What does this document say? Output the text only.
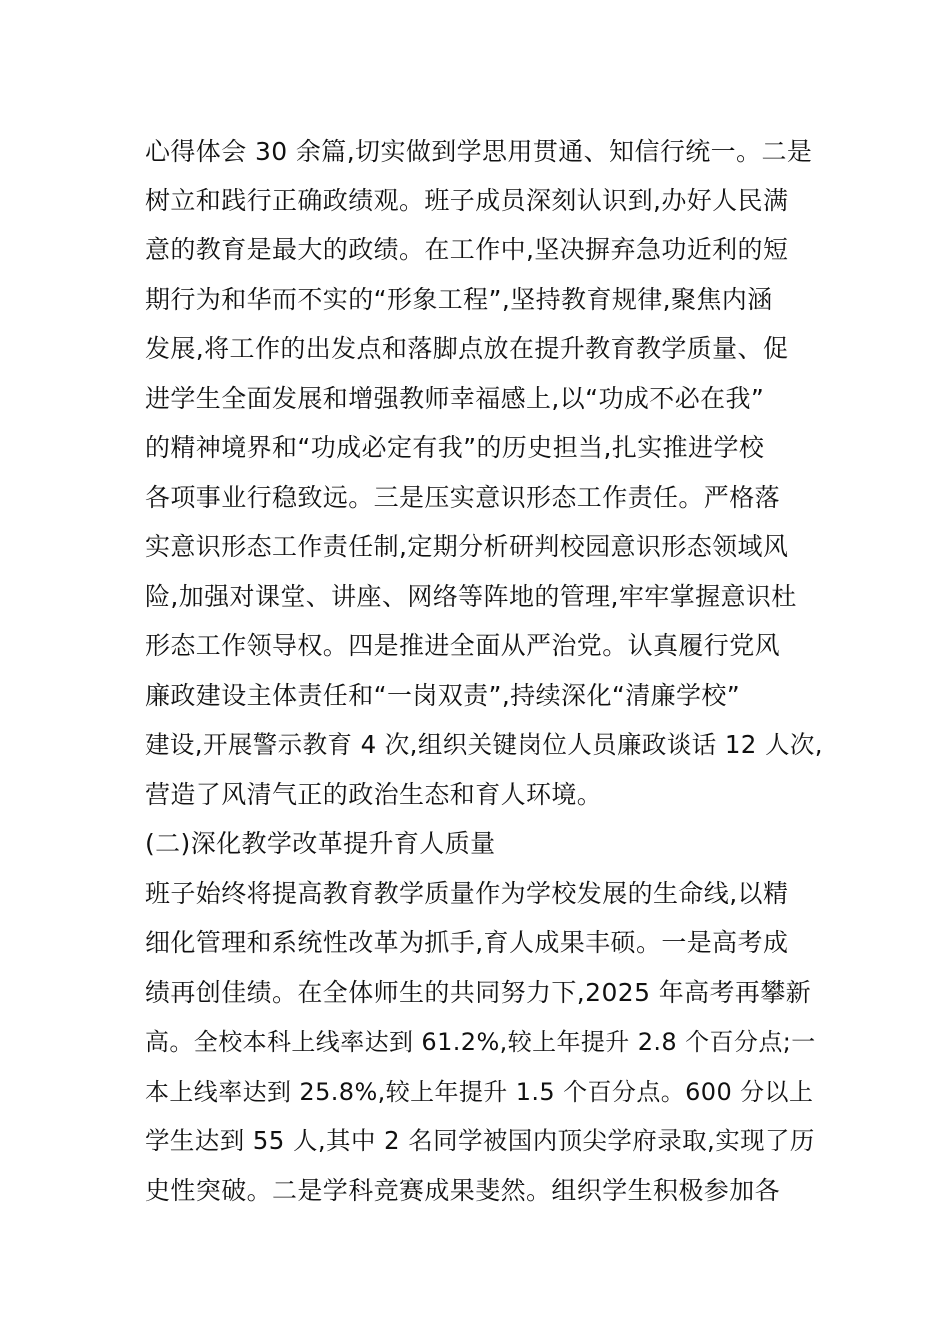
心得体会 30 余篇,切实做到学思用贯通、知信行统一。二是
树立和践行正确政绩观。班子成员深刻认识到,办好人民满
意的教育是最大的政绩。在工作中,坚决摒弃急功近利的短
期行为和华而不实的“形象工程”,坚持教育规律,聚焦内涵
发展,将工作的出发点和落脚点放在提升教育教学质量、促
进学生全面发展和增强教师幸福感上,以“功成不必在我”
的精神境界和“功成必定有我”的历史担当,扎实推进学校
各项事业行稳致远。三是压实意识形态工作责任。严格落
实意识形态工作责任制,定期分析研判校园意识形态领域风
险,加强对课堂、讲座、网络等阵地的管理,牢牢掌握意识杜
形态工作领导权。四是推进全面从严治党。认真履行党风
廉政建设主体责任和“一岗双责”,持续深化“清廉学校”
建设,开展警示教育 4 次,组织关键岗位人员廉政谈话 12 人次,
营造了风清气正的政治生态和育人环境。
(二)深化教学改革提升育人质量
班子始终将提高教育教学质量作为学校发展的生命线,以精
细化管理和系统性改革为抓手,育人成果丰硕。一是高考成
绩再创佳绩。在全体师生的共同努力下,2025 年高考再攀新
高。全校本科上线率达到 61.2%,较上年提升 2.8 个百分点;一
本上线率达到 25.8%,较上年提升 1.5 个百分点。600 分以上
学生达到 55 人,其中 2 名同学被国内顶尖学府录取,实现了历
史性突破。二是学科竞赛成果斐然。组织学生积极参加各
